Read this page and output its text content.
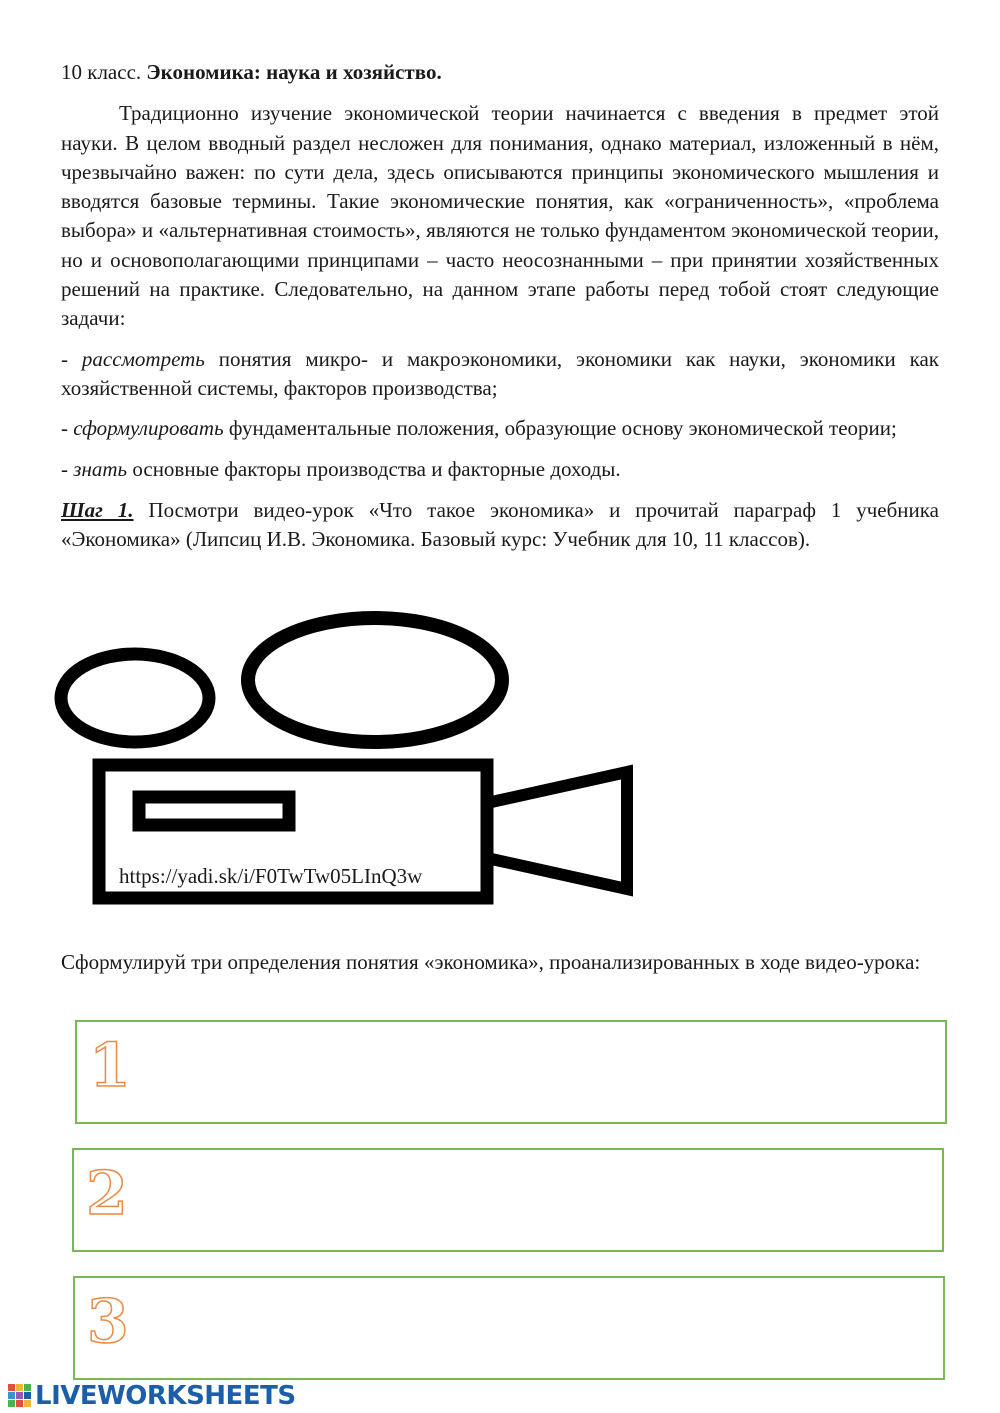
10 класс. Экономика: наука и хозяйство.

Традиционно изучение экономической теории начинается с введения в предмет этой науки. В целом вводный раздел несложен для понимания, однако материал, изложенный в нём, чрезвычайно важен: по сути дела, здесь описываются принципы экономического мышления и вводятся базовые термины. Такие экономические понятия, как «ограниченность», «проблема выбора» и «альтернативная стоимость», являются не только фундаментом экономической теории, но и основополагающими принципами – часто неосознанными – при принятии хозяйственных решений на практике. Следовательно, на данном этапе работы перед тобой стоят следующие задачи:

- рассмотреть понятия микро- и макроэкономики, экономики как науки, экономики как хозяйственной системы, факторов производства;

- сформулировать фундаментальные положения, образующие основу экономической теории;

- знать основные факторы производства и факторные доходы.

Шаг 1. Посмотри видео-урок «Что такое экономика» и прочитай параграф 1 учебника «Экономика» (Липсиц И.В. Экономика. Базовый курс: Учебник для 10, 11 классов).

https://yadi.sk/i/F0TwTw05LInQ3w

Сформулируй три определения понятия «экономика», проанализированных в ходе видео-урока:

1
2
3
LIVEWORKSHEETS
